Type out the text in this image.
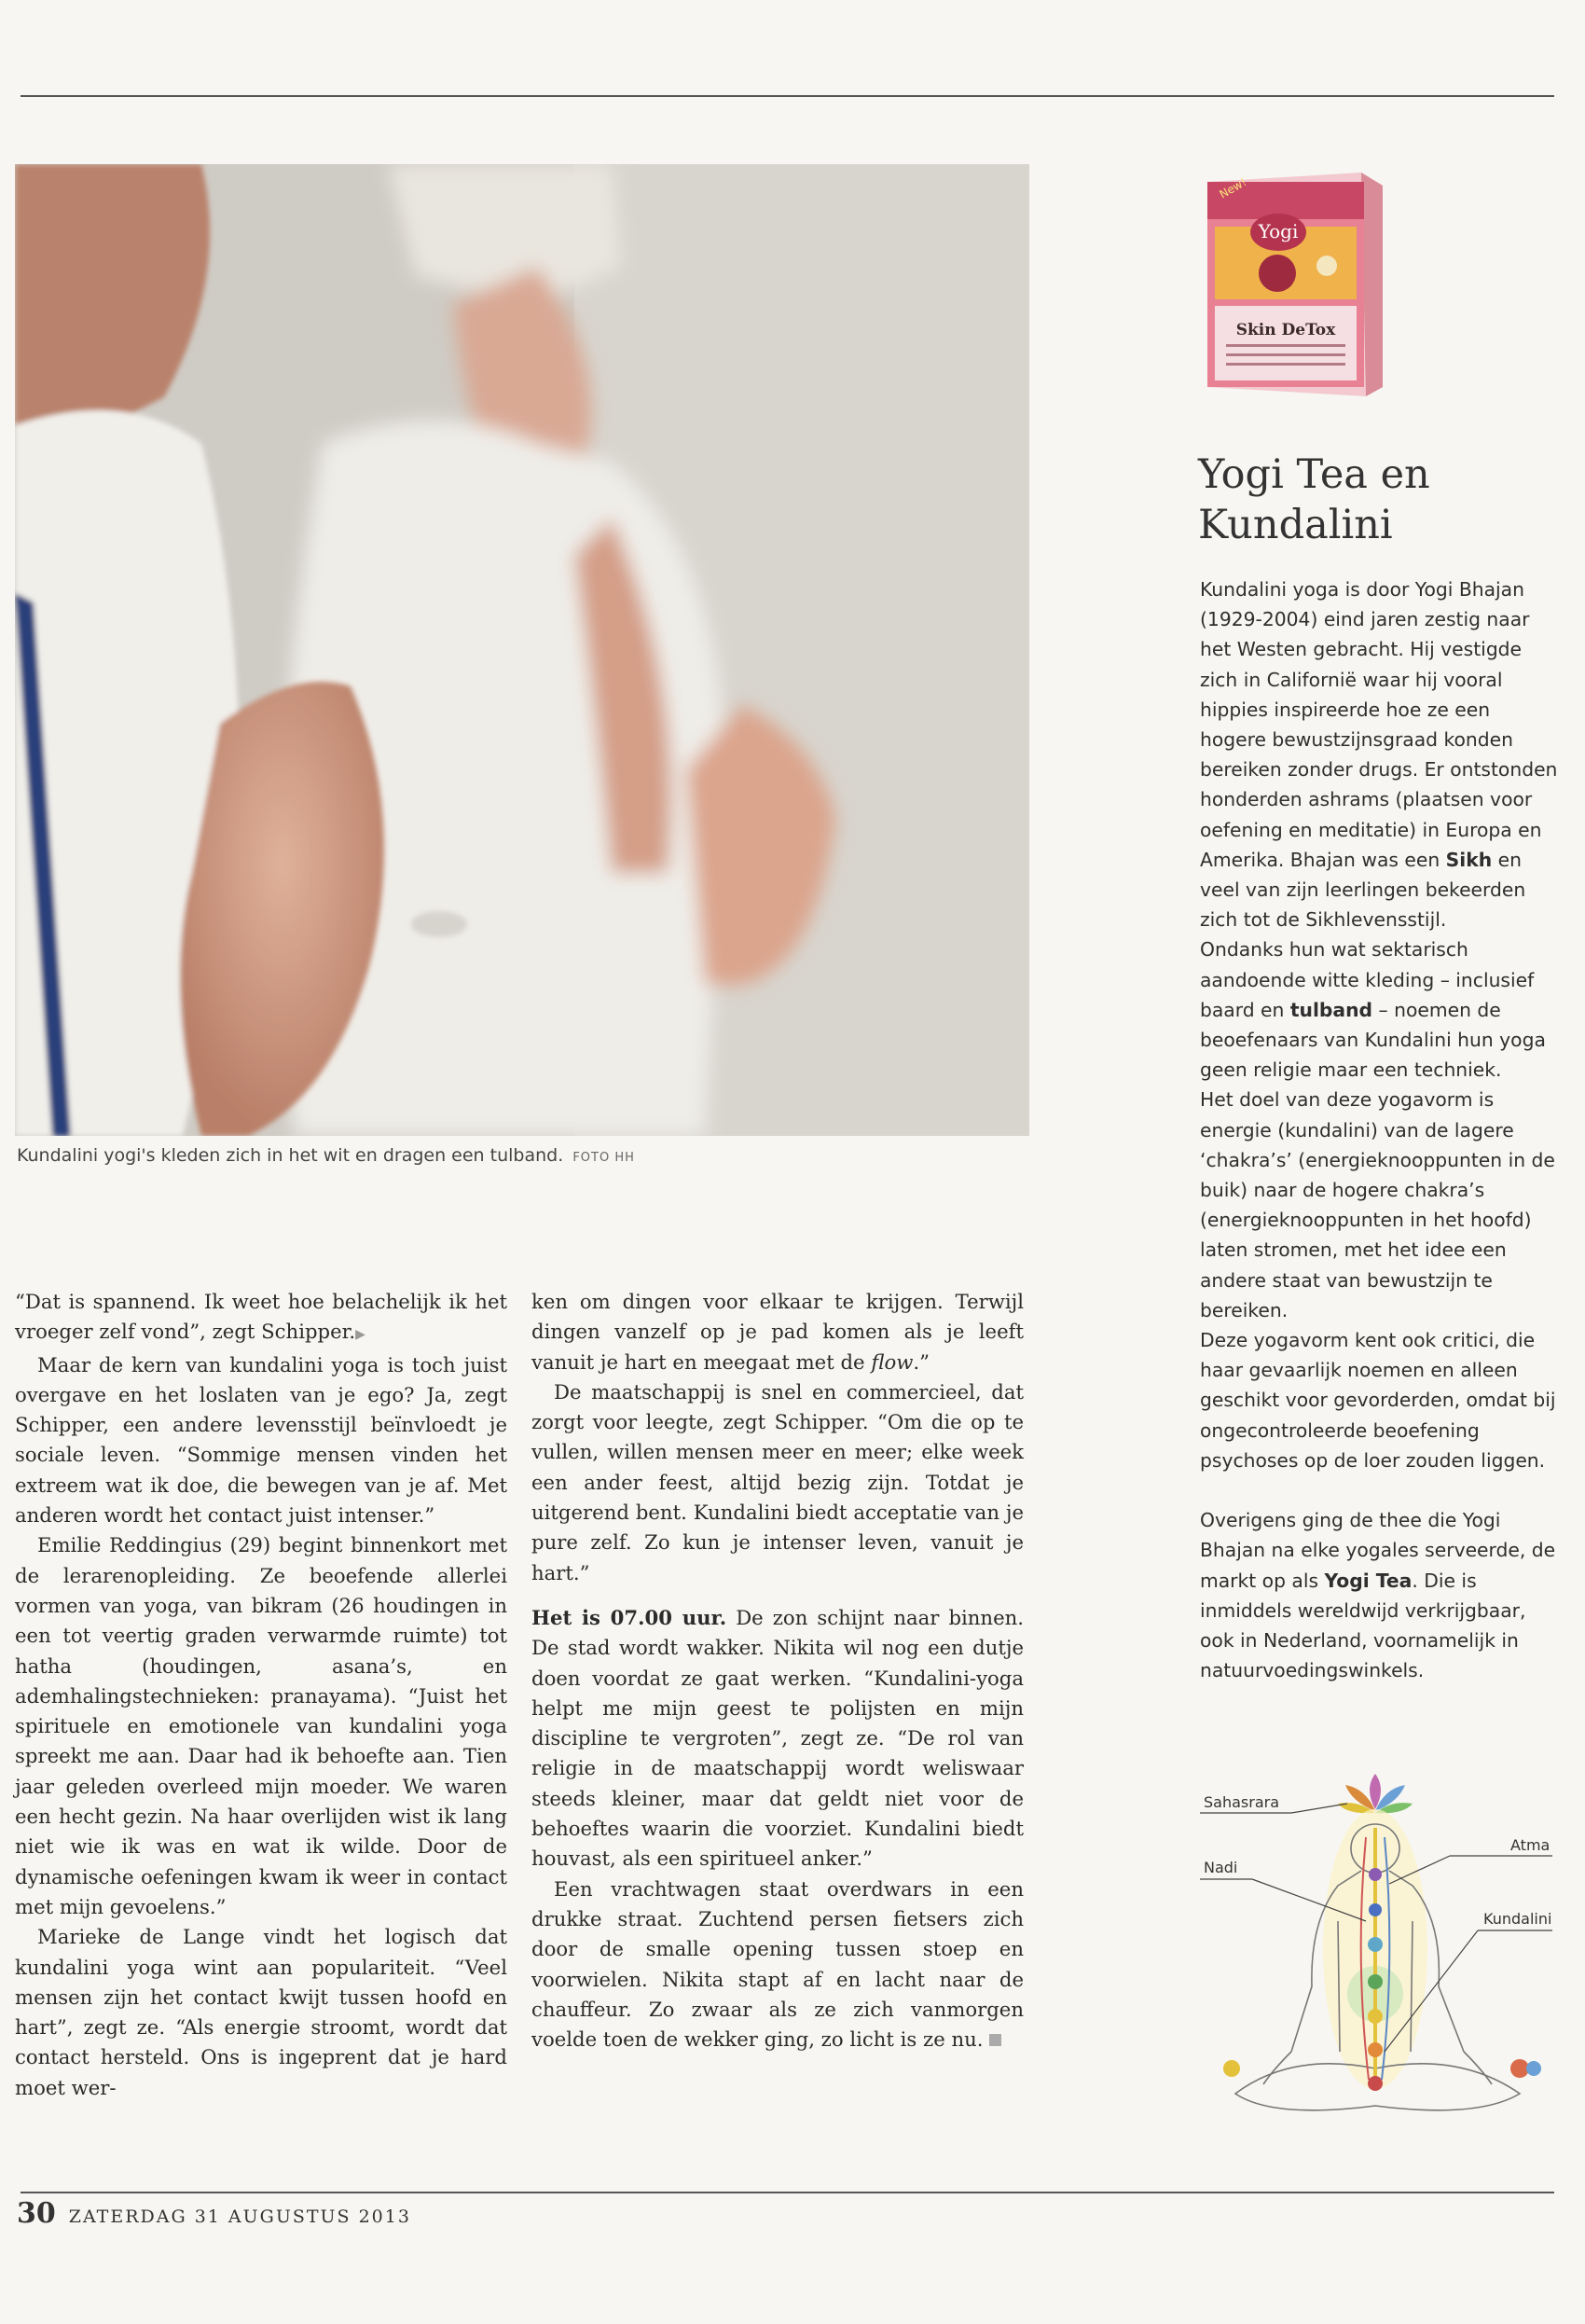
Kundalini yogi's kleden zich in het wit en dragen een tulband. FOTO HH

“Dat is spannend. Ik weet hoe belachelijk ik het vroeger zelf vond”, zegt Schipper.▶

Maar de kern van kundalini yoga is toch juist overgave en het loslaten van je ego? Ja, zegt Schipper, een andere levensstijl beïnvloedt je sociale leven. “Sommige mensen vinden het extreem wat ik doe, die bewegen van je af. Met anderen wordt het contact juist intenser.”

Emilie Reddingius (29) begint binnenkort met de lerarenopleiding. Ze beoefende allerlei vormen van yoga, van bikram (26 houdingen in een tot veertig graden verwarmde ruimte) tot hatha (houdingen, asana’s, en ademhalingstechnieken: pranayama). “Juist het spirituele en emotionele van kundalini yoga spreekt me aan. Daar had ik behoefte aan. Tien jaar geleden overleed mijn moeder. We waren een hecht gezin. Na haar overlijden wist ik lang niet wie ik was en wat ik wilde. Door de dynamische oefeningen kwam ik weer in contact met mijn gevoelens.”

Marieke de Lange vindt het logisch dat kundalini yoga wint aan populariteit. “Veel mensen zijn het contact kwijt tussen hoofd en hart”, zegt ze. “Als energie stroomt, wordt dat contact hersteld. Ons is ingeprent dat je hard moet wer-

ken om dingen voor elkaar te krijgen. Terwijl dingen vanzelf op je pad komen als je leeft vanuit je hart en meegaat met de flow.”

De maatschappij is snel en commercieel, dat zorgt voor leegte, zegt Schipper. “Om die op te vullen, willen mensen meer en meer; elke week een ander feest, altijd bezig zijn. Totdat je uitgerend bent. Kundalini biedt acceptatie van je pure zelf. Zo kun je intenser leven, vanuit je hart.”

Het is 07.00 uur. De zon schijnt naar binnen. De stad wordt wakker. Nikita wil nog een dutje doen voordat ze gaat werken. “Kundalini-yoga helpt me mijn geest te polijsten en mijn discipline te vergroten”, zegt ze. “De rol van religie in de maatschappij wordt weliswaar steeds kleiner, maar dat geldt niet voor de behoeftes waarin die voorziet. Kundalini biedt houvast, als een spiritueel anker.”

Een vrachtwagen staat overdwars in een drukke straat. Zuchtend persen fietsers zich door de smalle opening tussen stoep en voorwielen. Nikita stapt af en lacht naar de chauffeur. Zo zwaar als ze zich vanmorgen voelde toen de wekker ging, zo licht is ze nu.

Yogi
New!
Skin DeTox
Yogi Tea en Kundalini

Kundalini yoga is door Yogi Bhajan (1929-2004) eind jaren zestig naar het Westen gebracht. Hij vestigde zich in Californië waar hij vooral hippies inspireerde hoe ze een hogere bewustzijnsgraad konden bereiken zonder drugs. Er ontstonden honderden ashrams (plaatsen voor oefening en meditatie) in Europa en Amerika. Bhajan was een Sikh en veel van zijn leerlingen bekeerden zich tot de Sikhlevensstijl.

Ondanks hun wat sektarisch aandoende witte kleding – inclusief baard en tulband – noemen de beoefenaars van Kundalini hun yoga geen religie maar een techniek.

Het doel van deze yogavorm is energie (kundalini) van de lagere ‘chakra’s’ (energieknooppunten in de buik) naar de hogere chakra’s (energieknooppunten in het hoofd) laten stromen, met het idee een andere staat van bewustzijn te bereiken.

Deze yogavorm kent ook critici, die haar gevaarlijk noemen en alleen geschikt voor gevorderden, omdat bij ongecontroleerde beoefening psychoses op de loer zouden liggen.

Overigens ging de thee die Yogi Bhajan na elke yogales serveerde, de markt op als Yogi Tea. Die is inmiddels wereldwijd verkrijgbaar, ook in Nederland, voornamelijk in natuurvoedingswinkels.

Sahasrara
Atma
Nadi
Kundalini
30 ZATERDAG 31 AUGUSTUS 2013
